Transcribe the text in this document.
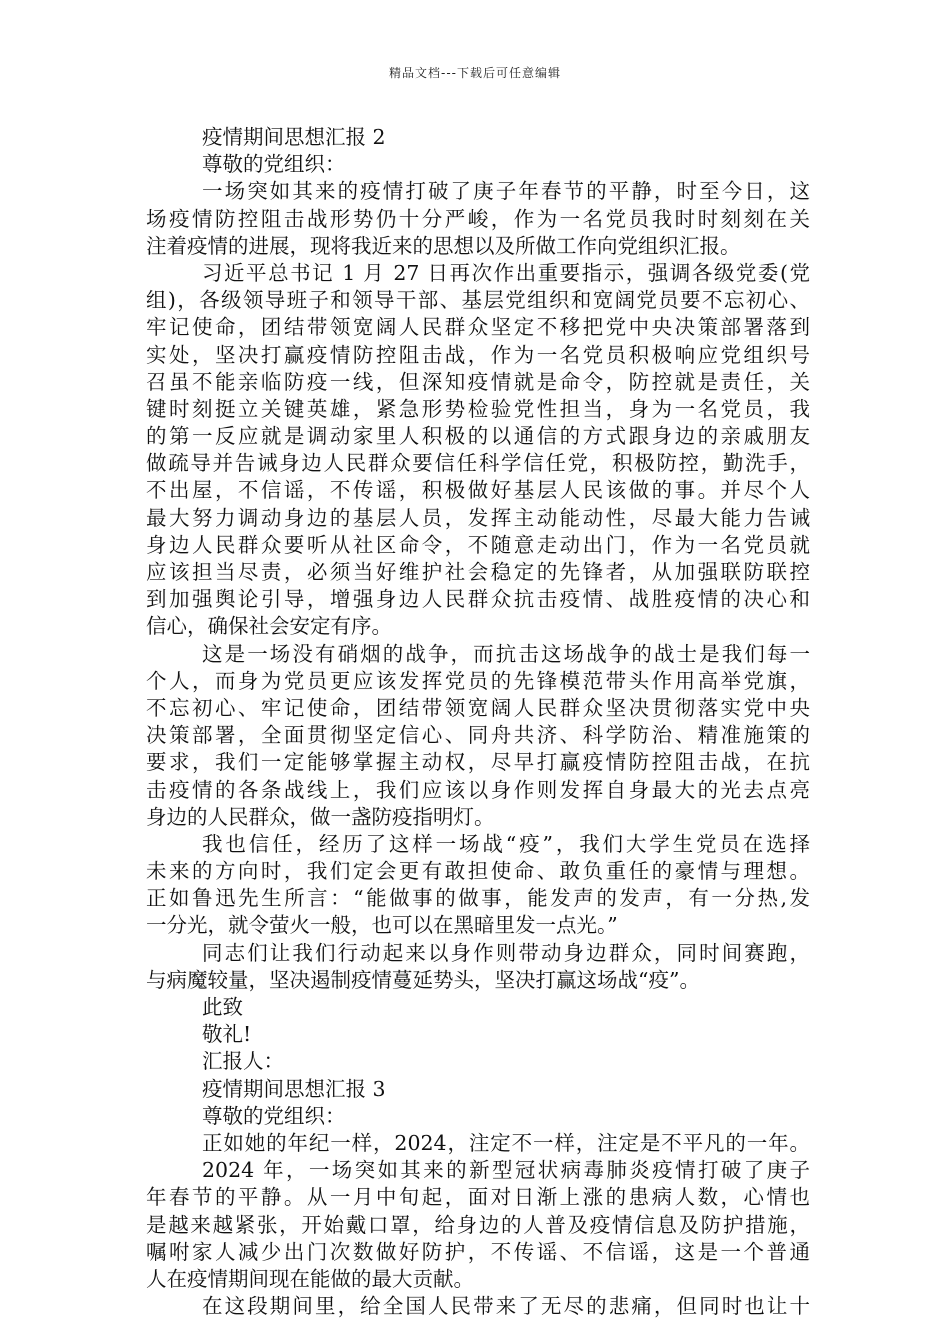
精品文档---下载后可任意编辑
疫情期间思想汇报 2
尊敬的党组织：
一场突如其来的疫情打破了庚子年春节的平静，时至今日，这
场疫情防控阻击战形势仍十分严峻，作为一名党员我时时刻刻在关
注着疫情的进展，现将我近来的思想以及所做工作向党组织汇报。
习近平总书记 1 月 27 日再次作出重要指示，强调各级党委(党
组)，各级领导班子和领导干部、基层党组织和宽阔党员要不忘初心、
牢记使命，团结带领宽阔人民群众坚定不移把党中央决策部署落到
实处，坚决打赢疫情防控阻击战，作为一名党员积极响应党组织号
召虽不能亲临防疫一线，但深知疫情就是命令，防控就是责任，关
键时刻挺立关键英雄，紧急形势检验党性担当，身为一名党员，我
的第一反应就是调动家里人积极的以通信的方式跟身边的亲戚朋友
做疏导并告诫身边人民群众要信任科学信任党，积极防控，勤洗手，
不出屋，不信谣，不传谣，积极做好基层人民该做的事。并尽个人
最大努力调动身边的基层人员，发挥主动能动性，尽最大能力告诫
身边人民群众要听从社区命令，不随意走动出门，作为一名党员就
应该担当尽责，必须当好维护社会稳定的先锋者，从加强联防联控
到加强舆论引导，增强身边人民群众抗击疫情、战胜疫情的决心和
信心，确保社会安定有序。
这是一场没有硝烟的战争，而抗击这场战争的战士是我们每一
个人，而身为党员更应该发挥党员的先锋模范带头作用高举党旗，
不忘初心、牢记使命，团结带领宽阔人民群众坚决贯彻落实党中央
决策部署，全面贯彻坚定信心、同舟共济、科学防治、精准施策的
要求，我们一定能够掌握主动权，尽早打赢疫情防控阻击战，在抗
击疫情的各条战线上，我们应该以身作则发挥自身最大的光去点亮
身边的人民群众，做一盏防疫指明灯。
我也信任，经历了这样一场战“疫”，我们大学生党员在选择
未来的方向时，我们定会更有敢担使命、敢负重任的豪情与理想。
正如鲁迅先生所言：“能做事的做事，能发声的发声，有一分热,发
一分光，就令萤火一般，也可以在黑暗里发一点光。”
同志们让我们行动起来以身作则带动身边群众，同时间赛跑，
与病魔较量，坚决遏制疫情蔓延势头，坚决打赢这场战“疫”。
此致
敬礼!
汇报人：
疫情期间思想汇报 3
尊敬的党组织：
正如她的年纪一样，2024，注定不一样，注定是不平凡的一年。
2024 年，一场突如其来的新型冠状病毒肺炎疫情打破了庚子
年春节的平静。从一月中旬起，面对日渐上涨的患病人数，心情也
是越来越紧张，开始戴口罩，给身边的人普及疫情信息及防护措施，
嘱咐家人减少出门次数做好防护，不传谣、不信谣，这是一个普通
人在疫情期间现在能做的最大贡献。
在这段期间里，给全国人民带来了无尽的悲痛，但同时也让十
